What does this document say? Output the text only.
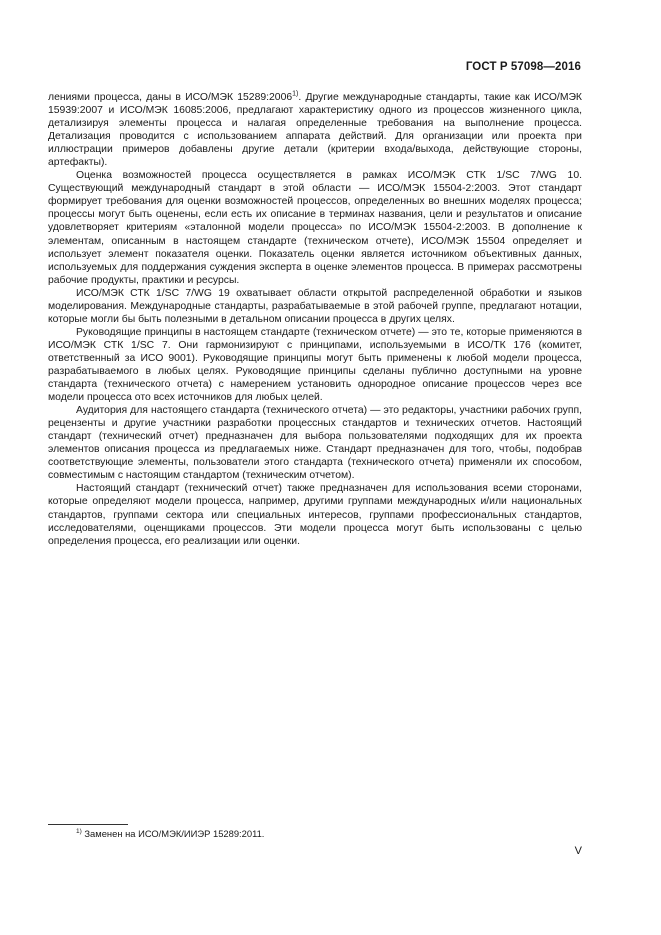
ГОСТ Р 57098—2016

лениями процесса, даны в ИСО/МЭК 15289:2006$^{1)}$. Другие международные стандарты, такие как ИСО/МЭК 15939:2007 и ИСО/МЭК 16085:2006, предлагают характеристику одного из процессов жизненного цикла, детализируя элементы процесса и налагая определенные требования на выполнение процесса. Детализация проводится с использованием аппарата действий. Для организации или проекта при иллюстрации примеров добавлены другие детали (критерии входа/выхода, действующие стороны, артефакты).

Оценка возможностей процесса осуществляется в рамках ИСО/МЭК СТК 1/SC 7/WG 10. Существующий международный стандарт в этой области — ИСО/МЭК 15504-2:2003. Этот стандарт формирует требования для оценки возможностей процессов, определенных во внешних моделях процесса; процессы могут быть оценены, если есть их описание в терминах названия, цели и результатов и описание удовлетворяет критериям «эталонной модели процесса» по ИСО/МЭК 15504-2:2003. В дополнение к элементам, описанным в настоящем стандарте (техническом отчете), ИСО/МЭК 15504 определяет и использует элемент показателя оценки. Показатель оценки является источником объективных данных, используемых для поддержания суждения эксперта в оценке элементов процесса. В примерах рассмотрены рабочие продукты, практики и ресурсы.

ИСО/МЭК СТК 1/SC 7/WG 19 охватывает области открытой распределенной обработки и языков моделирования. Международные стандарты, разрабатываемые в этой рабочей группе, предлагают нотации, которые могли бы быть полезными в детальном описании процесса в других целях.

Руководящие принципы в настоящем стандарте (техническом отчете) — это те, которые применяются в ИСО/МЭК СТК 1/SC 7. Они гармонизируют с принципами, используемыми в ИСО/ТК 176 (комитет, ответственный за ИСО 9001). Руководящие принципы могут быть применены к любой модели процесса, разрабатываемого в любых целях. Руководящие принципы сделаны публично доступными на уровне стандарта (технического отчета) с намерением установить однородное описание процессов через все модели процесса ото всех источников для любых целей.

Аудитория для настоящего стандарта (технического отчета) — это редакторы, участники рабочих групп, рецензенты и другие участники разработки процессных стандартов и технических отчетов. Настоящий стандарт (технический отчет) предназначен для выбора пользователями подходящих для их проекта элементов описания процесса из предлагаемых ниже. Стандарт предназначен для того, чтобы, подобрав соответствующие элементы, пользователи этого стандарта (технического отчета) применяли их способом, совместимым с настоящим стандартом (техническим отчетом).

Настоящий стандарт (технический отчет) также предназначен для использования всеми сторонами, которые определяют модели процесса, например, другими группами международных и/или национальных стандартов, группами сектора или специальных интересов, группами профессиональных стандартов, исследователями, оценщиками процессов. Эти модели процесса могут быть использованы с целью определения процесса, его реализации или оценки.

$^{1)}$ Заменен на ИСО/МЭК/ИИЭР 15289:2011.
V
